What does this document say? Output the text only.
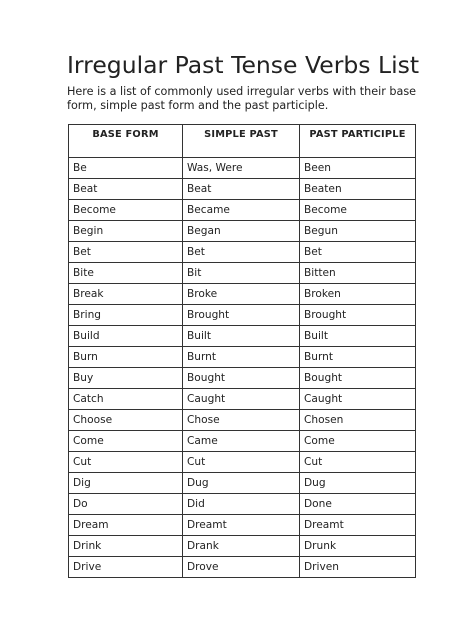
Irregular Past Tense Verbs List

Here is a list of commonly used irregular verbs with their base form, simple past form and the past participle.

BASE FORM	SIMPLE PAST	PAST PARTICIPLE
Be	Was, Were	Been
Beat	Beat	Beaten
Become	Became	Become
Begin	Began	Begun
Bet	Bet	Bet
Bite	Bit	Bitten
Break	Broke	Broken
Bring	Brought	Brought
Build	Built	Built
Burn	Burnt	Burnt
Buy	Bought	Bought
Catch	Caught	Caught
Choose	Chose	Chosen
Come	Came	Come
Cut	Cut	Cut
Dig	Dug	Dug
Do	Did	Done
Dream	Dreamt	Dreamt
Drink	Drank	Drunk
Drive	Drove	Driven
